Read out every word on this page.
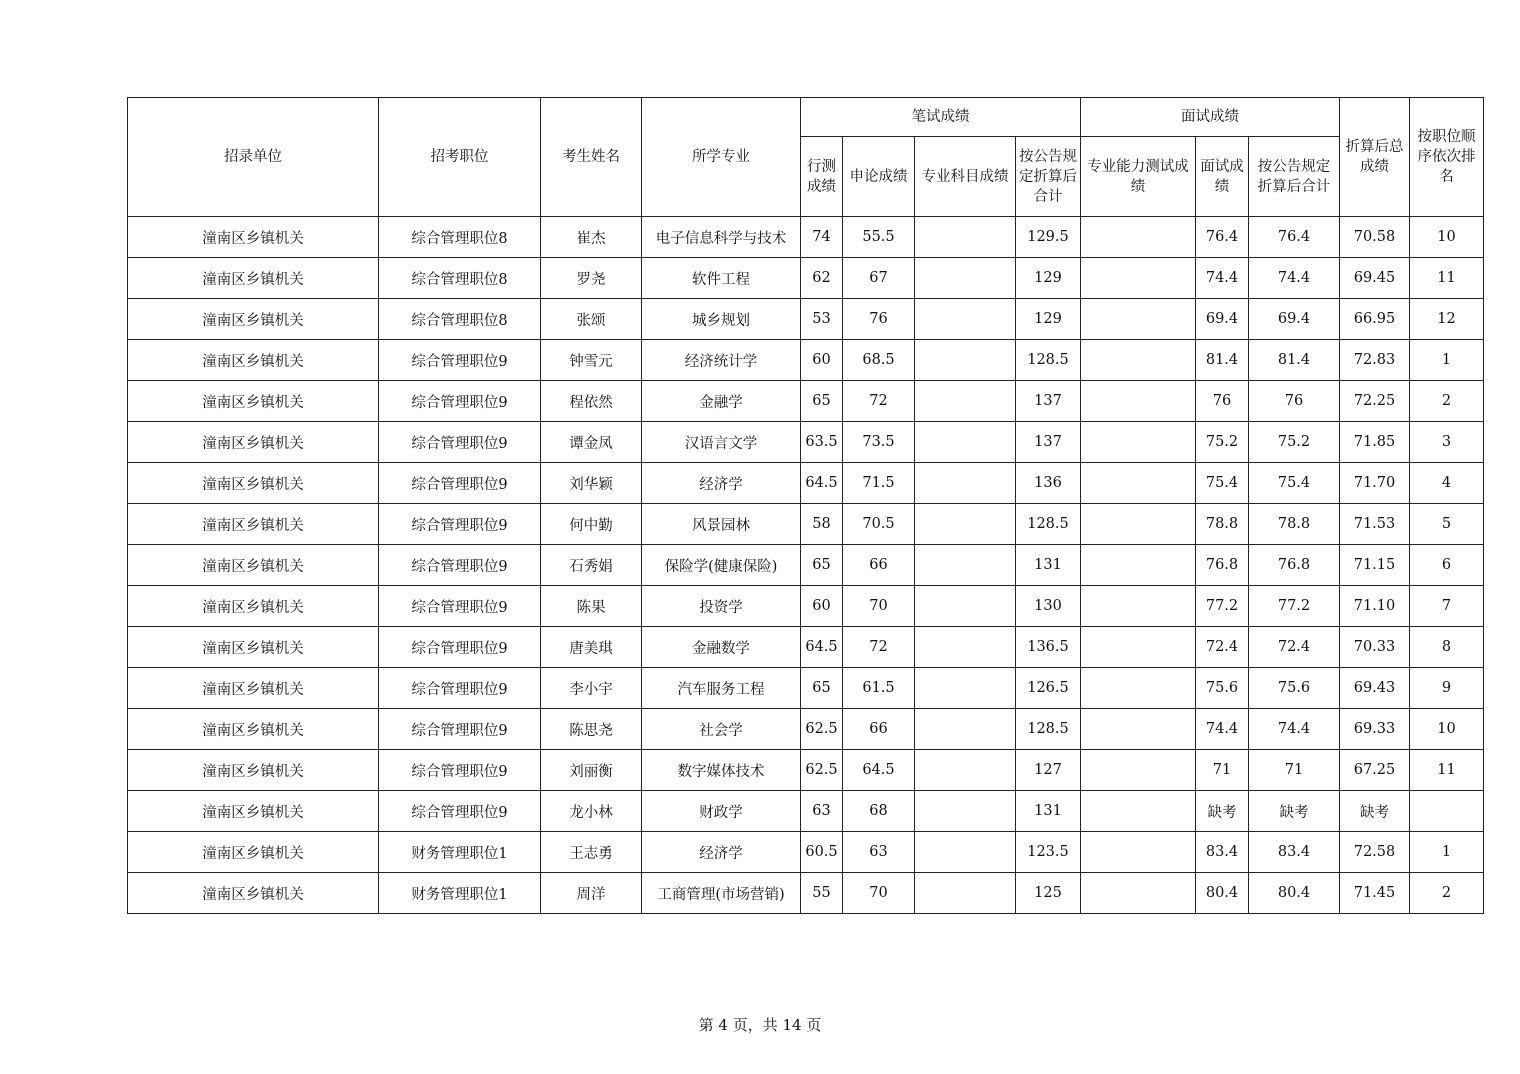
招录单位	招考职位	考生姓名	所学专业	笔试成绩				面试成绩			折算后总成绩	按职位顺序依次排名
				行测成绩	申论成绩	专业科目成绩	按公告规定折算后合计	专业能力测试成绩	面试成绩	按公告规定折算后合计		
潼南区乡镇机关	综合管理职位8	崔杰	电子信息科学与技术	74	55.5		129.5		76.4	76.4	70.58	10
潼南区乡镇机关	综合管理职位8	罗尧	软件工程	62	67		129		74.4	74.4	69.45	11
潼南区乡镇机关	综合管理职位8	张颂	城乡规划	53	76		129		69.4	69.4	66.95	12
潼南区乡镇机关	综合管理职位9	钟雪元	经济统计学	60	68.5		128.5		81.4	81.4	72.83	1
潼南区乡镇机关	综合管理职位9	程依然	金融学	65	72		137		76	76	72.25	2
潼南区乡镇机关	综合管理职位9	谭金凤	汉语言文学	63.5	73.5		137		75.2	75.2	71.85	3
潼南区乡镇机关	综合管理职位9	刘华颖	经济学	64.5	71.5		136		75.4	75.4	71.70	4
潼南区乡镇机关	综合管理职位9	何中勤	风景园林	58	70.5		128.5		78.8	78.8	71.53	5
潼南区乡镇机关	综合管理职位9	石秀娟	保险学(健康保险)	65	66		131		76.8	76.8	71.15	6
潼南区乡镇机关	综合管理职位9	陈果	投资学	60	70		130		77.2	77.2	71.10	7
潼南区乡镇机关	综合管理职位9	唐美琪	金融数学	64.5	72		136.5		72.4	72.4	70.33	8
潼南区乡镇机关	综合管理职位9	李小宇	汽车服务工程	65	61.5		126.5		75.6	75.6	69.43	9
潼南区乡镇机关	综合管理职位9	陈思尧	社会学	62.5	66		128.5		74.4	74.4	69.33	10
潼南区乡镇机关	综合管理职位9	刘丽衡	数字媒体技术	62.5	64.5		127		71	71	67.25	11
潼南区乡镇机关	综合管理职位9	龙小林	财政学	63	68		131		缺考	缺考	缺考	
潼南区乡镇机关	财务管理职位1	王志勇	经济学	60.5	63		123.5		83.4	83.4	72.58	1
潼南区乡镇机关	财务管理职位1	周洋	工商管理(市场营销)	55	70		125		80.4	80.4	71.45	2
第 4 页，共 14 页
